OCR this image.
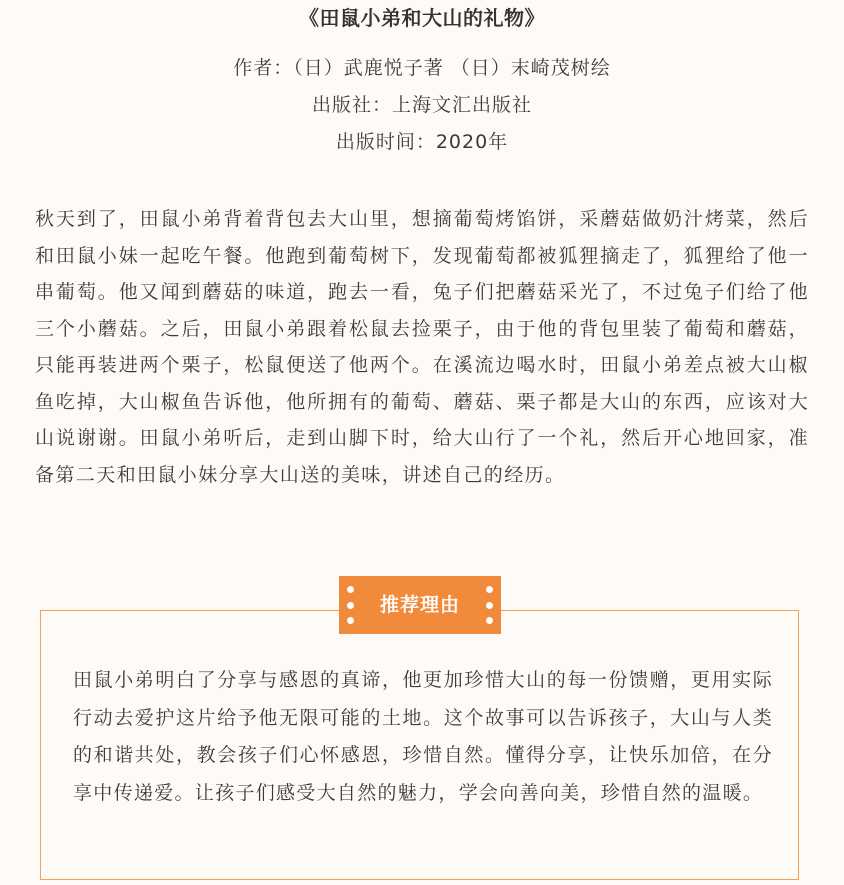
《田鼠小弟和大山的礼物》
作者：（日）武鹿悦子著 （日）末崎茂树绘
出版社：上海文汇出版社
出版时间：2020年

秋天到了，田鼠小弟背着背包去大山里，想摘葡萄烤馅饼，采蘑菇做奶汁烤菜，然后和田鼠小妹一起吃午餐。他跑到葡萄树下，发现葡萄都被狐狸摘走了，狐狸给了他一串葡萄。他又闻到蘑菇的味道，跑去一看，兔子们把蘑菇采光了，不过兔子们给了他三个小蘑菇。之后，田鼠小弟跟着松鼠去捡栗子，由于他的背包里装了葡萄和蘑菇，只能再装进两个栗子，松鼠便送了他两个。在溪流边喝水时，田鼠小弟差点被大山椒鱼吃掉，大山椒鱼告诉他，他所拥有的葡萄、蘑菇、栗子都是大山的东西，应该对大山说谢谢。田鼠小弟听后，走到山脚下时，给大山行了一个礼，然后开心地回家，准备第二天和田鼠小妹分享大山送的美味，讲述自己的经历。

推荐理由

田鼠小弟明白了分享与感恩的真谛，他更加珍惜大山的每一份馈赠，更用实际行动去爱护这片给予他无限可能的土地。这个故事可以告诉孩子，大山与人类的和谐共处，教会孩子们心怀感恩，珍惜自然。懂得分享，让快乐加倍，在分享中传递爱。让孩子们感受大自然的魅力，学会向善向美，珍惜自然的温暖。
